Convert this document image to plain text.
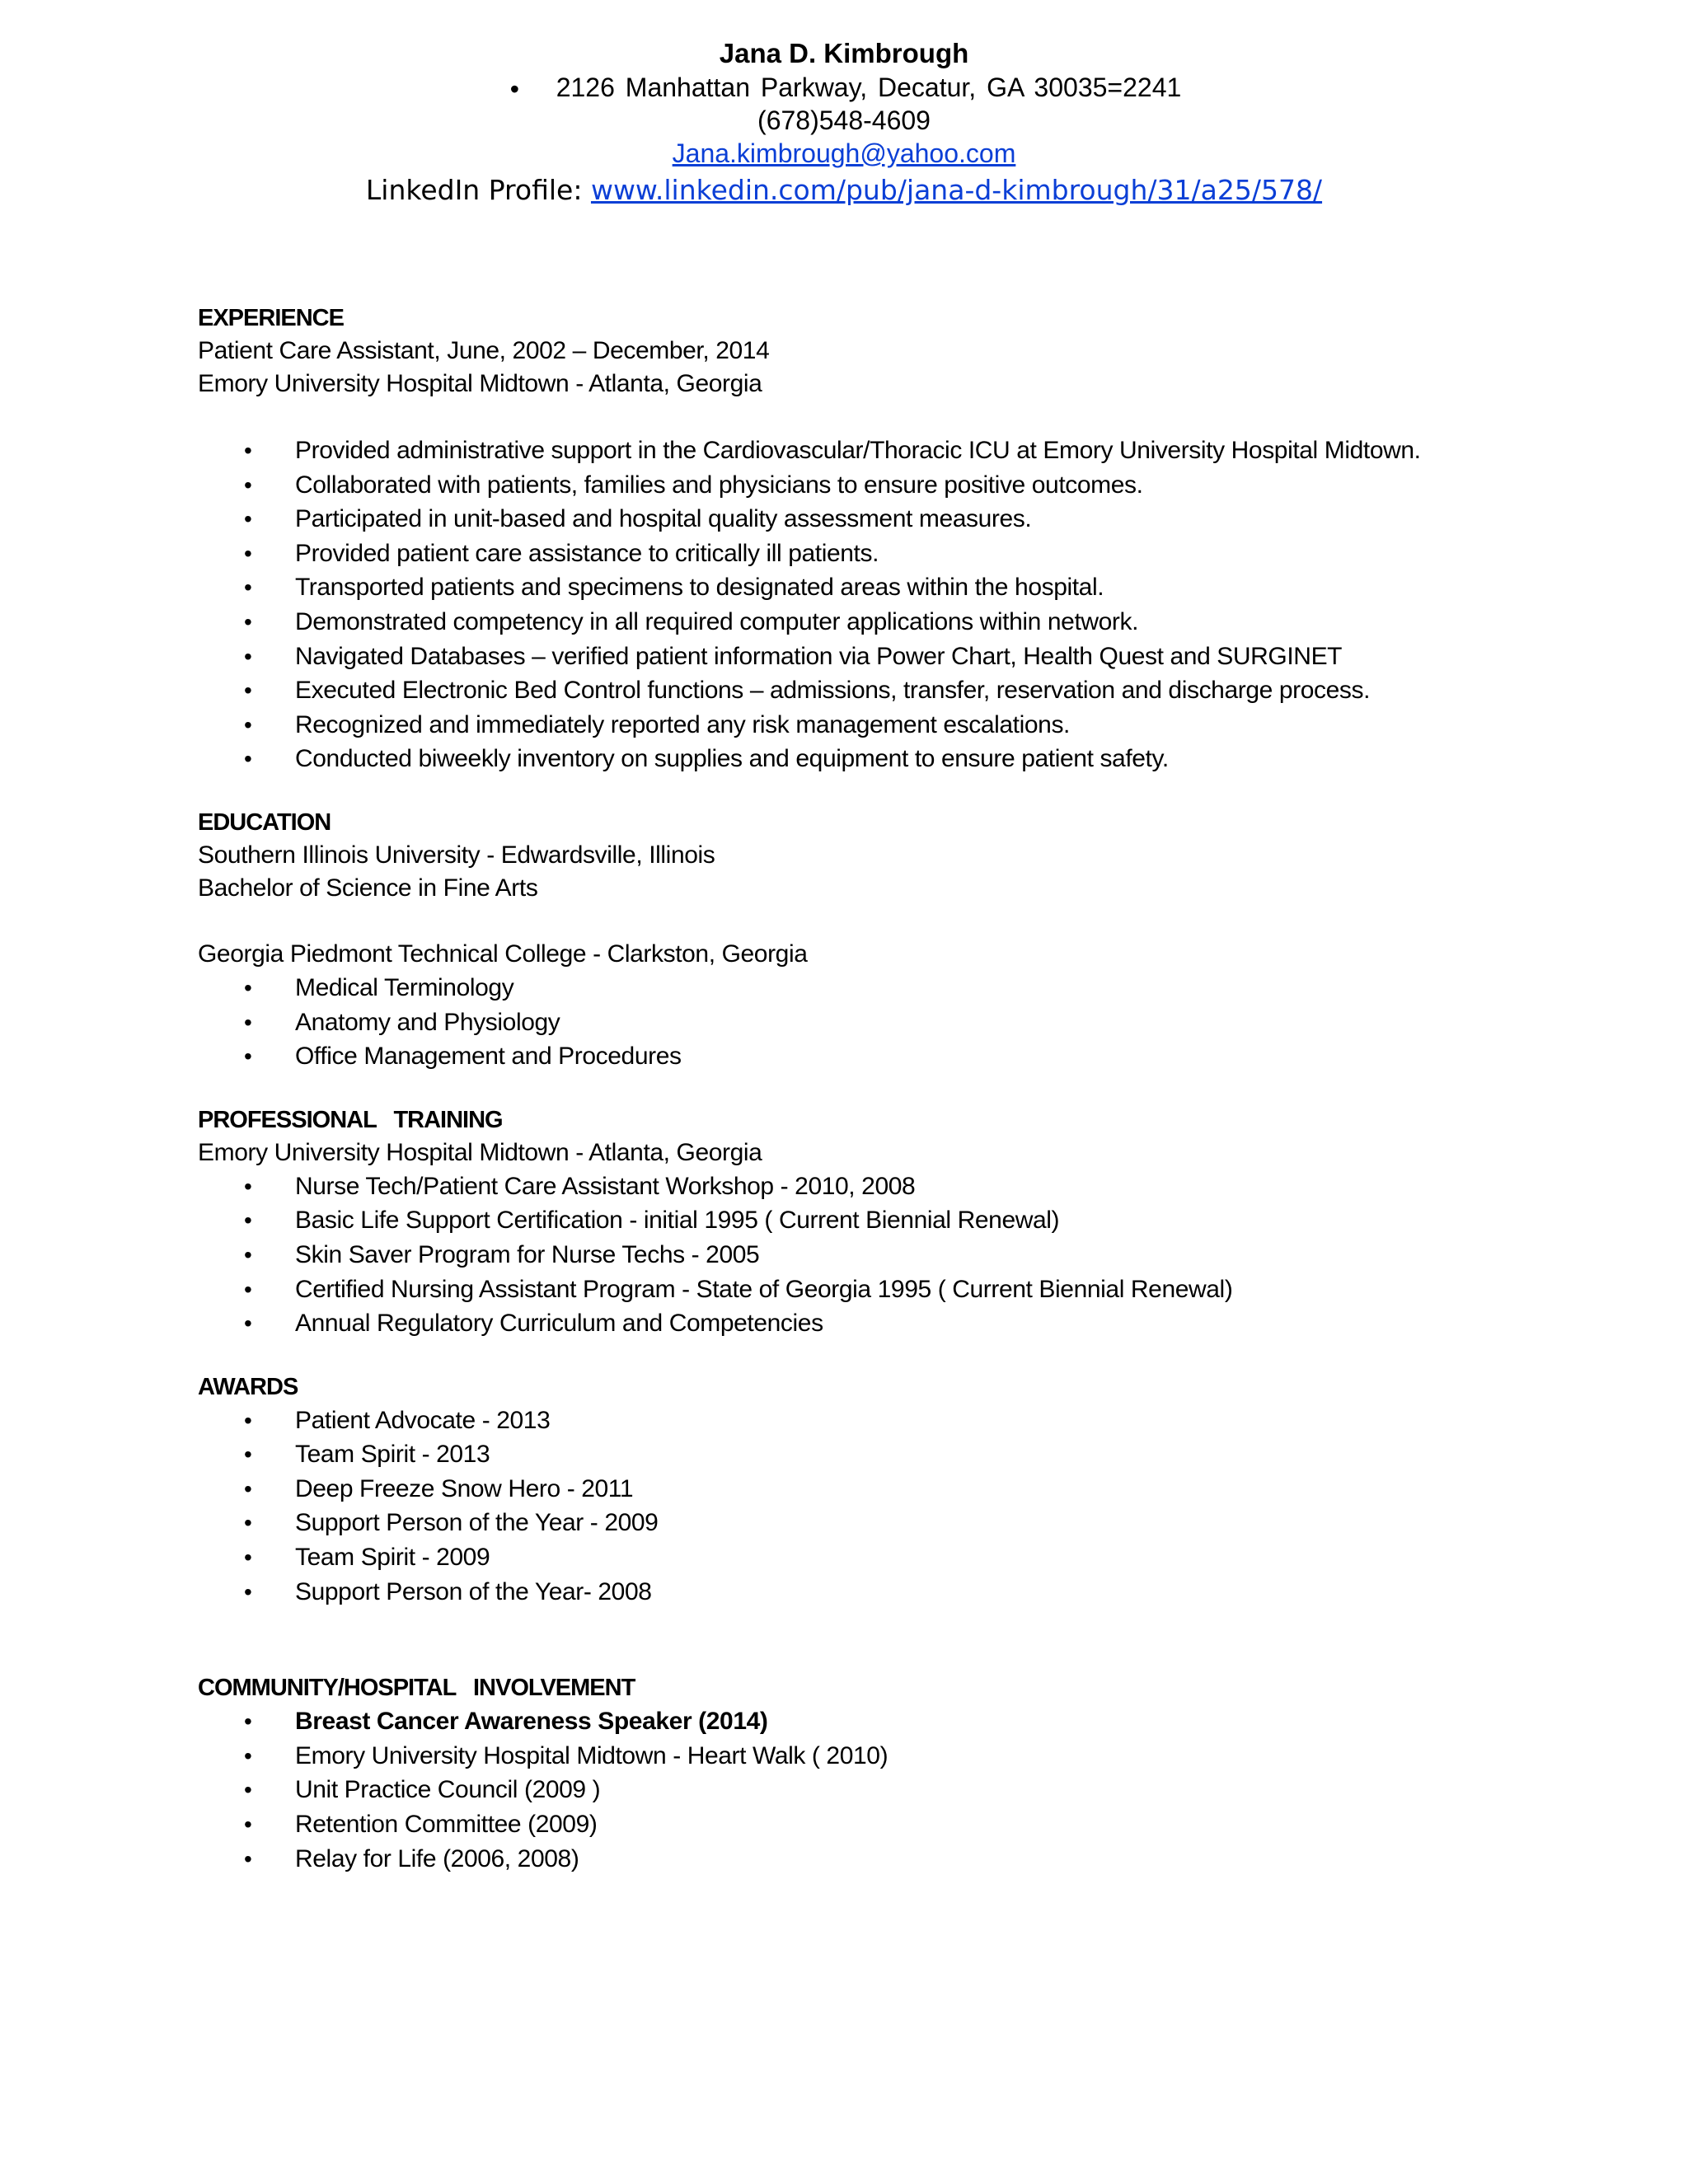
Jana D. Kimbrough
• 2126 Manhattan Parkway, Decatur, GA 30035=2241
(678)548-4609
Jana.kimbrough@yahoo.com
LinkedIn Profile: www.linkedin.com/pub/jana-d-kimbrough/31/a25/578/
EXPERIENCE
Patient Care Assistant, June, 2002 – December, 2014
Emory University Hospital Midtown - Atlanta, Georgia
• Provided administrative support in the Cardiovascular/Thoracic ICU at Emory University Hospital Midtown.
• Collaborated with patients, families and physicians to ensure positive outcomes.
• Participated in unit-based and hospital quality assessment measures.
• Provided patient care assistance to critically ill patients.
• Transported patients and specimens to designated areas within the hospital.
• Demonstrated competency in all required computer applications within network.
• Navigated Databases – verified patient information via Power Chart, Health Quest and SURGINET
• Executed Electronic Bed Control functions – admissions, transfer, reservation and discharge process.
• Recognized and immediately reported any risk management escalations.
• Conducted biweekly inventory on supplies and equipment to ensure patient safety.
EDUCATION
Southern Illinois University - Edwardsville, Illinois
Bachelor of Science in Fine Arts
Georgia Piedmont Technical College - Clarkston, Georgia
• Medical Terminology
• Anatomy and Physiology
• Office Management and Procedures
PROFESSIONAL   TRAINING
Emory University Hospital Midtown - Atlanta, Georgia
• Nurse Tech/Patient Care Assistant Workshop - 2010, 2008
• Basic Life Support Certification - initial 1995 ( Current Biennial Renewal)
• Skin Saver Program for Nurse Techs - 2005
• Certified Nursing Assistant Program - State of Georgia 1995 ( Current Biennial Renewal)
• Annual Regulatory Curriculum and Competencies
AWARDS
• Patient Advocate - 2013
• Team Spirit - 2013
• Deep Freeze Snow Hero - 2011
• Support Person of the Year - 2009
• Team Spirit - 2009
• Support Person of the Year- 2008
COMMUNITY/HOSPITAL   INVOLVEMENT
• Breast Cancer Awareness Speaker (2014)
• Emory University Hospital Midtown - Heart Walk ( 2010)
• Unit Practice Council (2009 )
• Retention Committee (2009)
• Relay for Life (2006, 2008)
